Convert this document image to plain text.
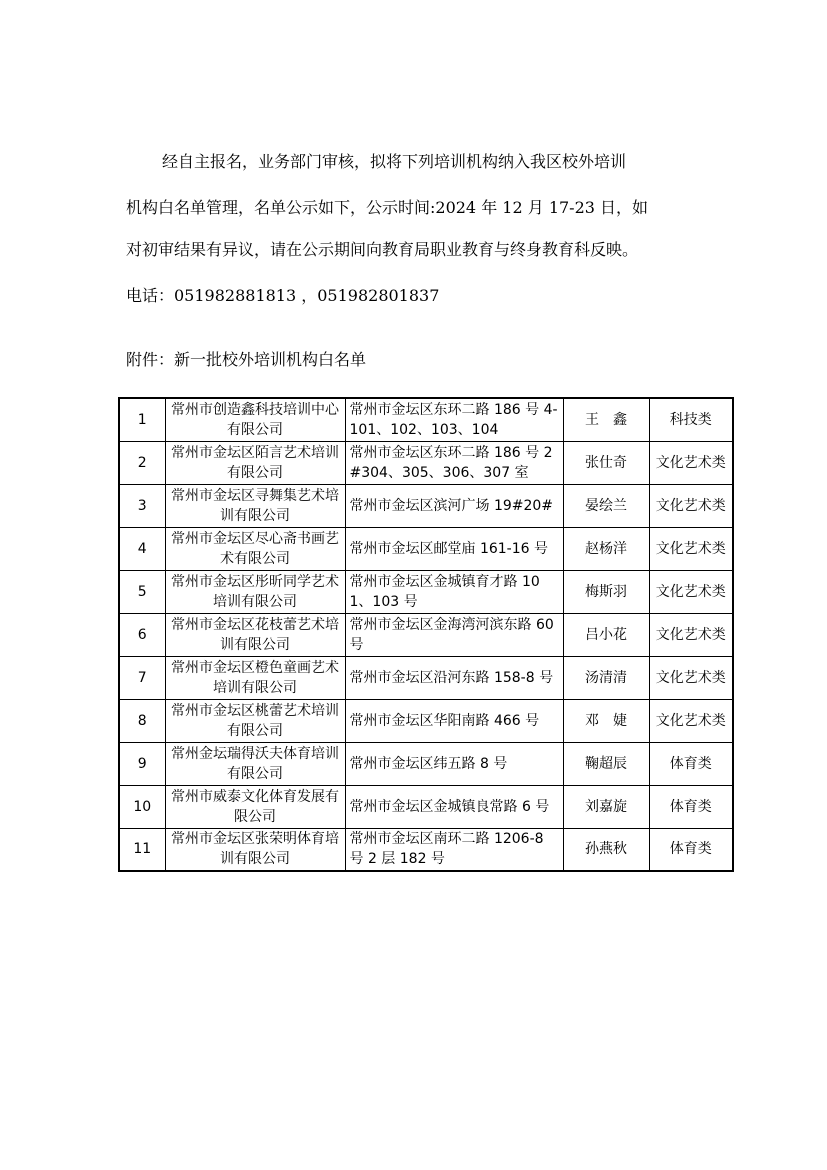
经自主报名，业务部门审核，拟将下列培训机构纳入我区校外培训
机构白名单管理，名单公示如下，公示时间:2024 年 12 月 17-23 日，如
对初审结果有异议，请在公示期间向教育局职业教育与终身教育科反映。
电话：051982881813 ，051982801837
附件：新一批校外培训机构白名单
1	常州市创造鑫科技培训中心有限公司	常州市金坛区东环二路 186 号 4-101、102、103、104	王　鑫	科技类

2	常州市金坛区陌言艺术培训有限公司	常州市金坛区东环二路 186 号 2#304、305、306、307 室	张仕奇	文化艺术类

3	常州市金坛区寻舞集艺术培训有限公司	常州市金坛区滨河广场 19#20#	晏绘兰	文化艺术类

4	常州市金坛区尽心斋书画艺术有限公司	常州市金坛区邮堂庙 161-16 号	赵杨洋	文化艺术类

5	常州市金坛区彤昕同学艺术培训有限公司	常州市金坛区金城镇育才路 101、103 号	梅斯羽	文化艺术类

6	常州市金坛区花枝蕾艺术培训有限公司	常州市金坛区金海湾河滨东路 60 号	吕小花	文化艺术类

7	常州市金坛区橙色童画艺术培训有限公司	常州市金坛区沿河东路 158-8 号	汤清清	文化艺术类

8	常州市金坛区桃蕾艺术培训有限公司	常州市金坛区华阳南路 466 号	邓　婕	文化艺术类

9	常州金坛瑞得沃夫体育培训有限公司	常州市金坛区纬五路 8 号	鞠超辰	体育类

10	常州市威泰文化体育发展有限公司	常州市金坛区金城镇良常路 6 号	刘嘉旋	体育类

11	常州市金坛区张荣明体育培训有限公司	常州市金坛区南环二路 1206-8 号 2 层 182 号	孙燕秋	体育类
